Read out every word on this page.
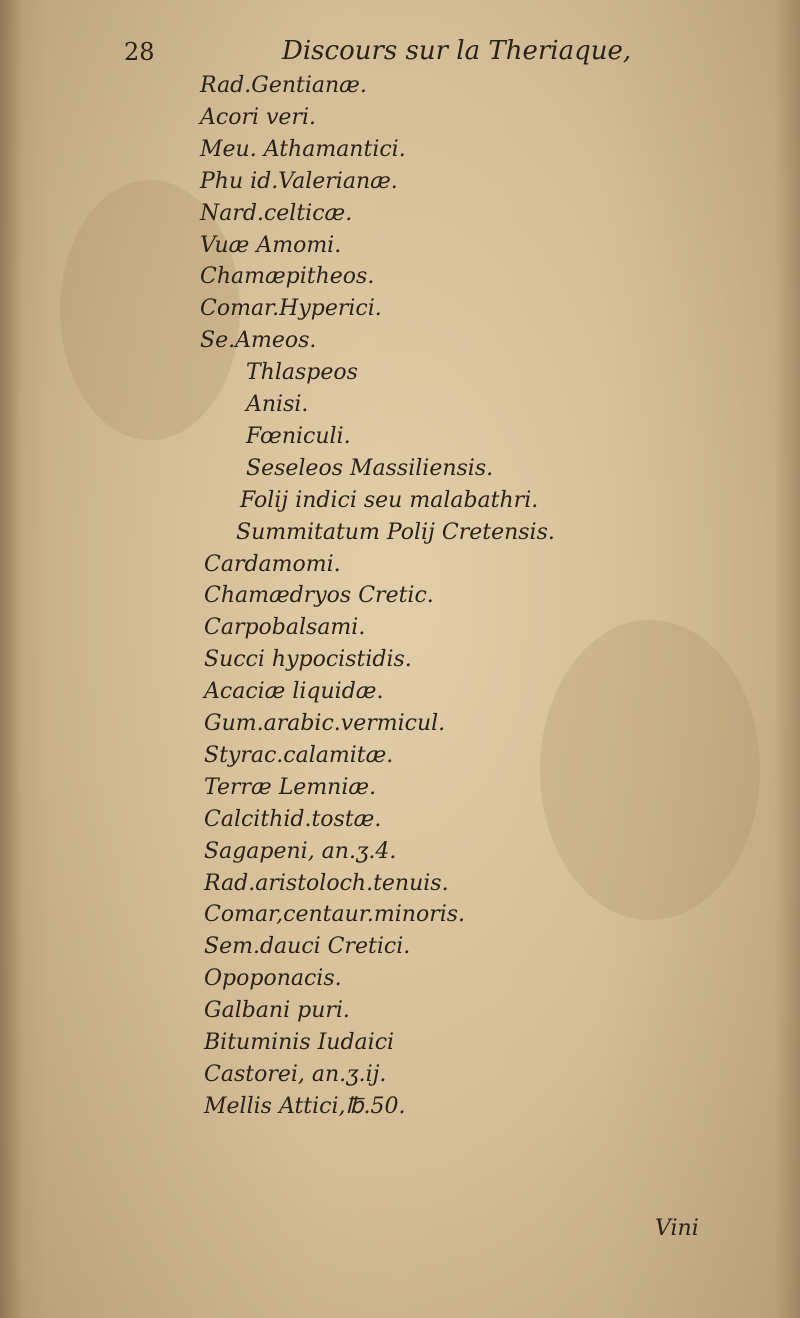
28	Discours sur la Theriaque,
Rad.Gentianæ.
Acori veri.
Meu. Athamantici.
Phu id.Valerianæ.
Nard.celticæ.
Vuæ Amomi.
Chamæpitheos.
Comar.Hyperici.
Se.Ameos.
Thlaspeos
Anisi.
Fœniculi.
Seseleos Massiliensis.
Folij indici seu malabathri.
Summitatum Polij Cretensis.
Cardamomi.
Chamædryos Cretic.
Carpobalsami.
Succi hypocistidis.
Acaciæ liquidæ.
Gum.arabic.vermicul.
Styrac.calamitæ.
Terræ Lemniæ.
Calcithid.tostæ.
Sagapeni, an.ʒ.4.
Rad.aristoloch.tenuis.
Comar,centaur.minoris.
Sem.dauci Cretici.
Opoponacis.
Galbani puri.
Bituminis Iudaici
Castorei, an.ʒ.ij.
Mellis Attici,℔.50.
Vini
